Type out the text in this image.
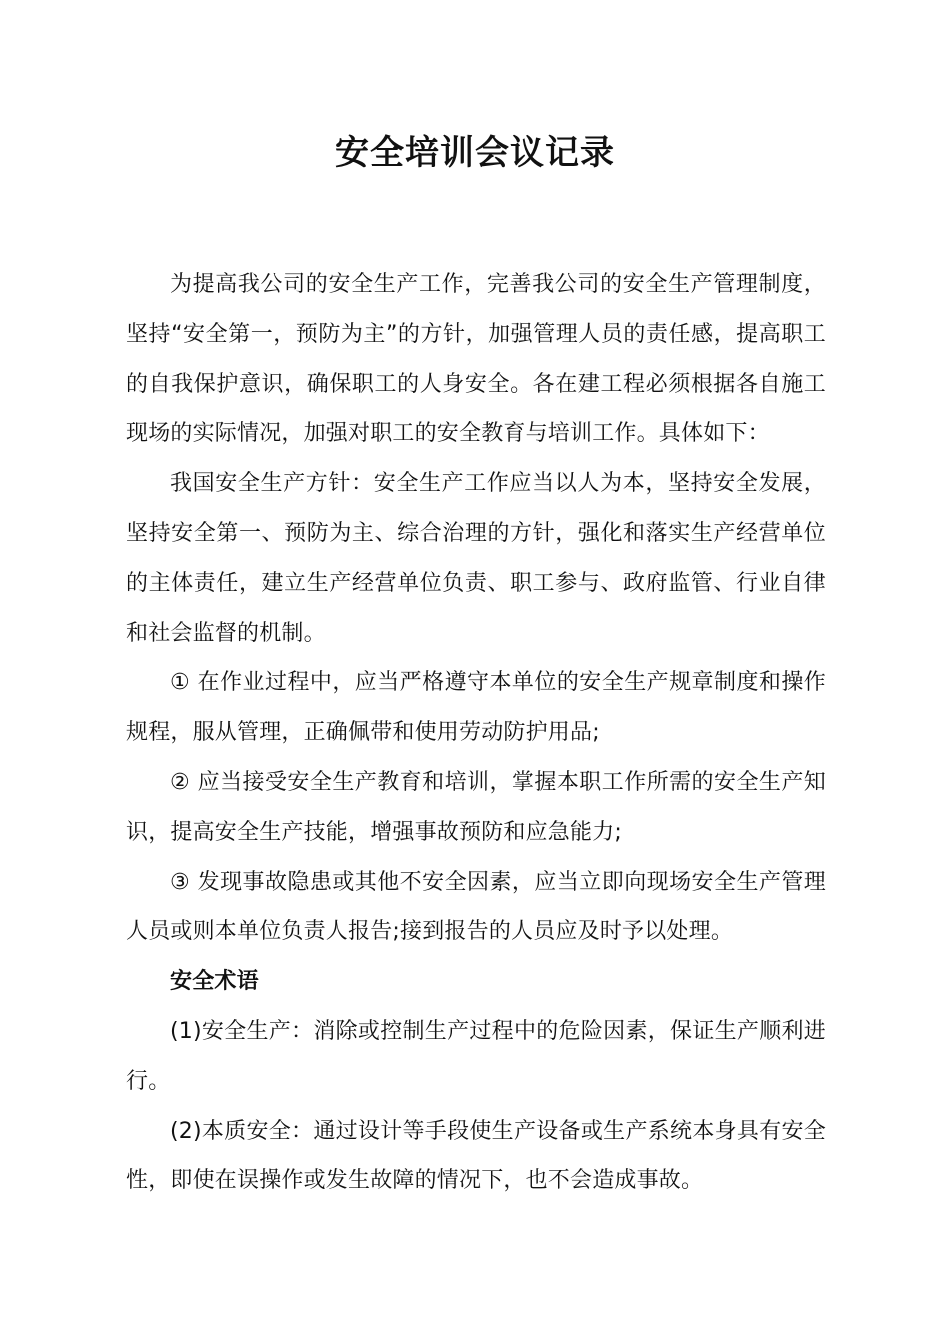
安全培训会议记录

为提高我公司的安全生产工作，完善我公司的安全生产管理制度，坚持“安全第一，预防为主”的方针，加强管理人员的责任感，提高职工的自我保护意识，确保职工的人身安全。各在建工程必须根据各自施工现场的实际情况，加强对职工的安全教育与培训工作。具体如下：

我国安全生产方针：安全生产工作应当以人为本，坚持安全发展，坚持安全第一、预防为主、综合治理的方针，强化和落实生产经营单位的主体责任，建立生产经营单位负责、职工参与、政府监管、行业自律和社会监督的机制。

① 在作业过程中，应当严格遵守本单位的安全生产规章制度和操作规程，服从管理，正确佩带和使用劳动防护用品;

② 应当接受安全生产教育和培训，掌握本职工作所需的安全生产知识，提高安全生产技能，增强事故预防和应急能力;

③ 发现事故隐患或其他不安全因素，应当立即向现场安全生产管理人员或则本单位负责人报告;接到报告的人员应及时予以处理。

安全术语

(1)安全生产：消除或控制生产过程中的危险因素，保证生产顺利进行。

(2)本质安全：通过设计等手段使生产设备或生产系统本身具有安全性，即使在误操作或发生故障的情况下，也不会造成事故。
